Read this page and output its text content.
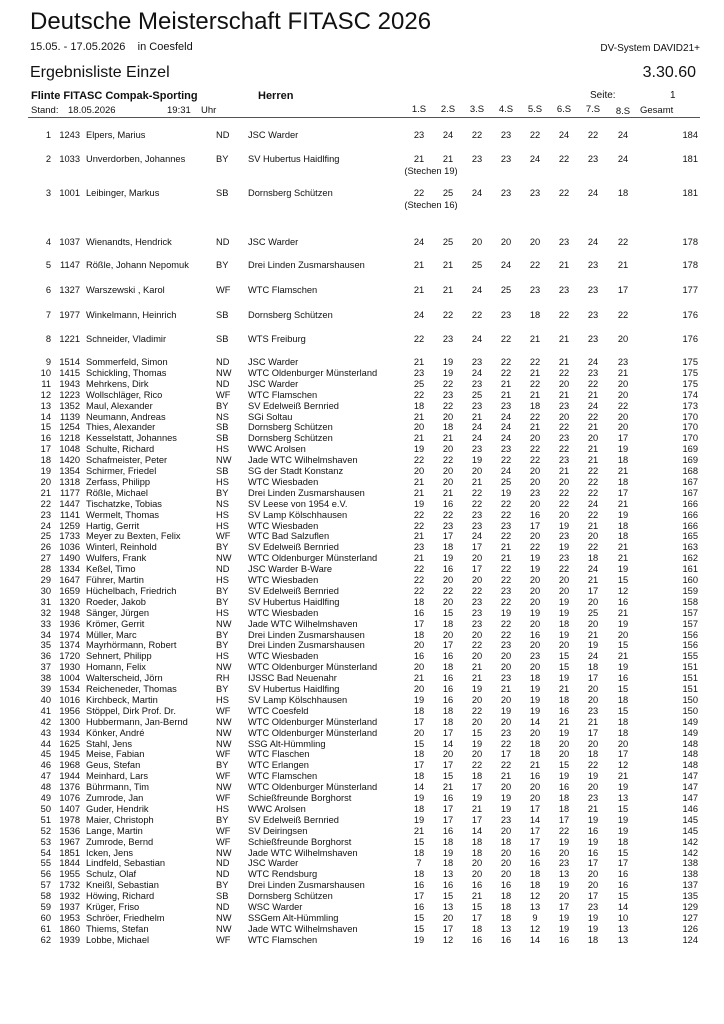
Deutsche Meisterschaft FITASC 2026
15.05. - 17.05.2026 in Coesfeld	DV-System DAVID21+
Ergebnisliste Einzel	3.30.60
Flinte FITASC Compak-Sporting	Herren	Seite:	1
Stand: 18.05.2026	19:31 Uhr	1.S	2.S	3.S	4.S	5.S	6.S	7.S	8.S	Gesamt
1 1243 Elpers, Marius	ND JSC Warder	23	24	22	23	22	24	22	24	184
2 1033 Unverdorben, Johannes	BY SV Hubertus Haidlfing	21	21	23	23	24	22	23	24	181
(Stechen 19)
3 1001 Leibinger, Markus	SB Dornsberg Schützen	22	25	24	23	23	22	24	18	181
(Stechen 16)
4 1037 Wienandts, Hendrick	ND JSC Warder	24	25	20	20	20	23	24	22	178
5 1147 Rößle, Johann Nepomuk	BY Drei Linden Zusmarshausen	21	21	25	24	22	21	23	21	178
6 1327 Warszewski , Karol	WF WTC Flamschen	21	21	24	25	23	23	23	17	177
7 1977 Winkelmann, Heinrich	SB Dornsberg Schützen	24	22	22	23	18	22	23	22	176
8 1221 Schneider, Vladimir	SB WTS Freiburg	22	23	24	22	21	21	23	20	176
9 1514 Sommerfeld, Simon	ND JSC Warder	21	19	23	22	22	21	24	23	175
10 1415 Schickling, Thomas	NW WTC Oldenburger Münsterland	23	19	24	22	21	22	23	21	175
11 1943 Mehrkens, Dirk	ND JSC Warder	25	22	23	21	22	20	22	20	175
12 1223 Wollschläger, Rico	WF WTC Flamschen	22	23	25	21	21	21	21	20	174
13 1352 Maul, Alexander	BY SV Edelweiß Bernried	18	22	23	23	18	23	24	22	173
14 1139 Neumann, Andreas	NS SGi Soltau	21	20	21	24	22	20	22	20	170
15 1254 Thies, Alexander	SB Dornsberg Schützen	20	18	24	24	21	22	21	20	170
16 1218 Kesselstatt, Johannes	SB Dornsberg Schützen	21	21	24	24	20	23	20	17	170
17 1048 Schulte, Richard	HS WWC Arolsen	19	20	23	23	22	22	21	19	169
18 1420 Schafmeister, Peter	NW Jade WTC Wilhelmshaven	22	22	19	22	22	23	21	18	169
19 1354 Schirmer, Friedel	SB SG der Stadt Konstanz	20	20	20	24	20	21	22	21	168
20 1318 Zerfass, Philipp	HS WTC Wiesbaden	21	20	21	25	20	20	22	18	167
21 1177 Rößle, Michael	BY Drei Linden Zusmarshausen	21	21	22	19	23	22	22	17	167
22 1447 Tischatzke, Tobias	NS SV Leese von 1954 e.V.	19	16	22	22	20	22	24	21	166
23 1141 Wermelt, Thomas	HS SV Lamp Kölschhausen	22	22	23	22	16	20	22	19	166
24 1259 Hartig, Gerrit	HS WTC Wiesbaden	22	23	23	23	17	19	21	18	166
25 1733 Meyer zu Bexten, Felix	WF WTC Bad Salzuflen	21	17	24	22	20	23	20	18	165
26 1036 Winterl, Reinhold	BY SV Edelweiß Bernried	23	18	17	21	22	19	22	21	163
27 1490 Wulfers, Frank	NW WTC Oldenburger Münsterland	21	19	20	21	19	23	18	21	162
28 1334 Keßel, Timo	ND JSC Warder B-Ware	22	16	17	22	19	22	24	19	161
29 1647 Führer, Martin	HS WTC Wiesbaden	22	20	20	22	20	20	21	15	160
30 1659 Hüchelbach, Friedrich	BY SV Edelweiß Bernried	22	22	22	23	20	20	17	12	159
31 1320 Roeder, Jakob	BY SV Hubertus Haidlfing	18	20	23	22	20	19	20	16	158
32 1948 Sänger, Jürgen	HS WTC Wiesbaden	16	15	23	19	19	19	25	21	157
33 1936 Krömer, Gerrit	NW Jade WTC Wilhelmshaven	17	18	23	22	20	18	20	19	157
34 1974 Müller, Marc	BY Drei Linden Zusmarshausen	18	20	20	22	16	19	21	20	156
35 1374 Mayrhörmann, Robert	BY Drei Linden Zusmarshausen	20	17	22	23	20	20	19	15	156
36 1720 Sehnert, Philipp	HS WTC Wiesbaden	16	16	20	20	23	15	24	21	155
37 1930 Homann, Felix	NW WTC Oldenburger Münsterland	20	18	21	20	20	15	18	19	151
38 1004 Walterscheid, Jörn	RH IJSSC Bad Neuenahr	21	16	21	23	18	19	17	16	151
39 1534 Reicheneder, Thomas	BY SV Hubertus Haidlfing	20	16	19	21	19	21	20	15	151
40 1016 Kirchbeck, Martin	HS SV Lamp Kölschhausen	19	16	20	20	19	18	20	18	150
41 1956 Stöppel, Dirk Prof. Dr.	WF WTC Coesfeld	18	18	22	19	19	16	23	15	150
42 1300 Hubbermann, Jan-Bernd	NW WTC Oldenburger Münsterland	17	18	20	20	14	21	21	18	149
43 1934 Könker, André	NW WTC Oldenburger Münsterland	20	17	15	23	20	19	17	18	149
44 1625 Stahl, Jens	NW SSG Alt-Hümmling	15	14	19	22	18	20	20	20	148
45 1945 Meise, Fabian	WF WTC Flaschen	18	20	20	17	18	20	18	17	148
46 1968 Geus, Stefan	BY WTC Erlangen	17	17	22	22	21	15	22	12	148
47 1944 Meinhard, Lars	WF WTC Flamschen	18	15	18	21	16	19	19	21	147
48 1376 Bührmann, Tim	NW WTC Oldenburger Münsterland	14	21	17	20	20	16	20	19	147
49 1076 Zumrode, Jan	WF Schießfreunde Borghorst	19	16	19	19	20	18	23	13	147
50 1407 Guder, Hendrik	HS WWC Arolsen	18	17	21	19	17	18	21	15	146
51 1978 Maier, Christoph	BY SV Edelweiß Bernried	19	17	17	23	14	17	19	19	145
52 1536 Lange, Martin	WF SV Deiringsen	21	16	14	20	17	22	16	19	145
53 1967 Zumrode, Bernd	WF Schießfreunde Borghorst	15	18	18	18	17	19	19	18	142
54 1851 Icken, Jens	NW Jade WTC Wilhelmshaven	18	19	18	20	16	20	16	15	142
55 1844 Lindfeld, Sebastian	ND JSC Warder	7	18	20	20	16	23	17	17	138
56 1955 Schulz, Olaf	ND WTC Rendsburg	18	13	20	20	18	13	20	16	138
57 1732 Kneißl, Sebastian	BY Drei Linden Zusmarshausen	16	16	16	16	18	19	20	16	137
58 1932 Höwing, Richard	SB Dornsberg Schützen	17	15	21	18	12	20	17	15	135
59 1937 Krüger, Friso	ND WSC Warder	16	13	15	18	13	17	23	14	129
60 1953 Schröer, Friedhelm	NW SSGem Alt-Hümmling	15	20	17	18	9	19	19	10	127
61 1860 Thiems, Stefan	NW Jade WTC Wilhelmshaven	15	17	18	13	12	19	19	13	126
62 1939 Lobbe, Michael	WF WTC Flamschen	19	12	16	16	14	16	18	13	124
